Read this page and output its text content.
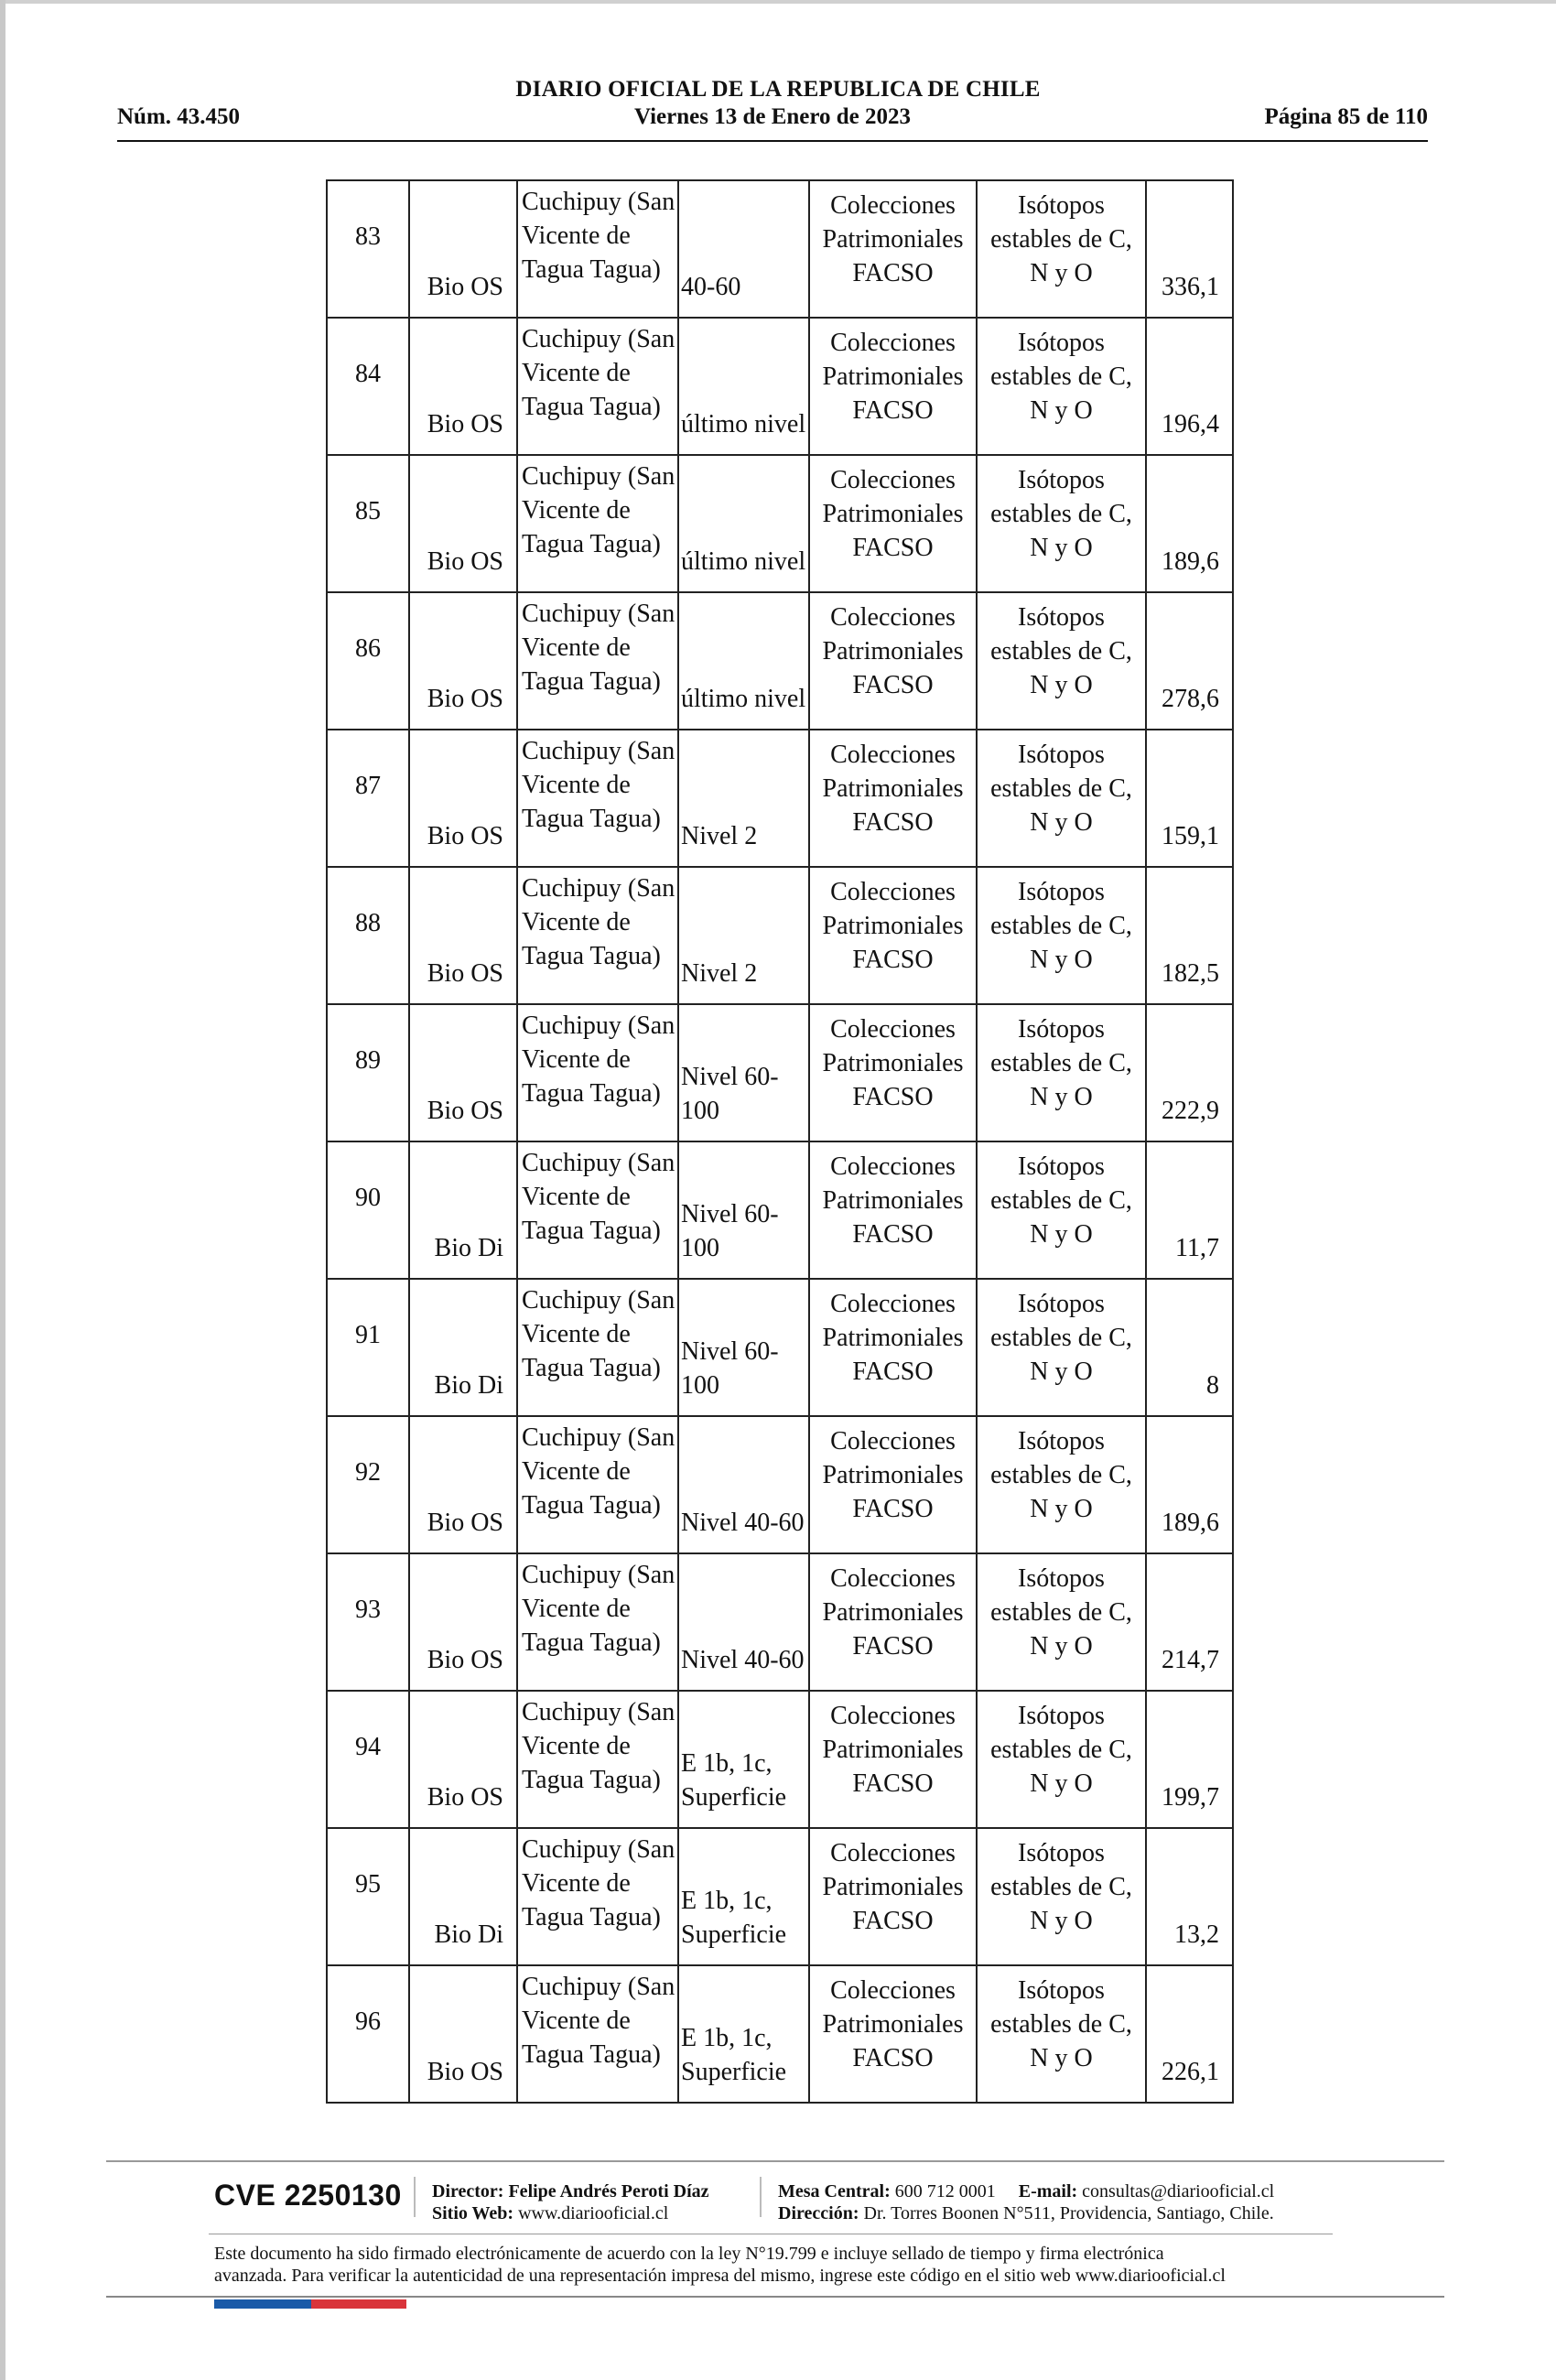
DIARIO OFICIAL DE LA REPUBLICA DE CHILE
Viernes 13 de Enero de 2023
Núm. 43.450	Página 85 de 110
83	Bio OS	Cuchipuy (San
Vicente de
Tagua Tagua)	40-60	Colecciones
Patrimoniales
FACSO	Isótopos
estables de C,
N y O	336,1

84	Bio OS	Cuchipuy (San
Vicente de
Tagua Tagua)	último nivel	Colecciones
Patrimoniales
FACSO	Isótopos
estables de C,
N y O	196,4

85	Bio OS	Cuchipuy (San
Vicente de
Tagua Tagua)	último nivel	Colecciones
Patrimoniales
FACSO	Isótopos
estables de C,
N y O	189,6

86	Bio OS	Cuchipuy (San
Vicente de
Tagua Tagua)	último nivel	Colecciones
Patrimoniales
FACSO	Isótopos
estables de C,
N y O	278,6

87	Bio OS	Cuchipuy (San
Vicente de
Tagua Tagua)	Nivel 2	Colecciones
Patrimoniales
FACSO	Isótopos
estables de C,
N y O	159,1

88	Bio OS	Cuchipuy (San
Vicente de
Tagua Tagua)	Nivel 2	Colecciones
Patrimoniales
FACSO	Isótopos
estables de C,
N y O	182,5

89	Bio OS	Cuchipuy (San
Vicente de
Tagua Tagua)	Nivel 60-
100	Colecciones
Patrimoniales
FACSO	Isótopos
estables de C,
N y O	222,9

90	Bio Di	Cuchipuy (San
Vicente de
Tagua Tagua)	Nivel 60-
100	Colecciones
Patrimoniales
FACSO	Isótopos
estables de C,
N y O	11,7

91	Bio Di	Cuchipuy (San
Vicente de
Tagua Tagua)	Nivel 60-
100	Colecciones
Patrimoniales
FACSO	Isótopos
estables de C,
N y O	8

92	Bio OS	Cuchipuy (San
Vicente de
Tagua Tagua)	Nivel 40-60	Colecciones
Patrimoniales
FACSO	Isótopos
estables de C,
N y O	189,6

93	Bio OS	Cuchipuy (San
Vicente de
Tagua Tagua)	Nivel 40-60	Colecciones
Patrimoniales
FACSO	Isótopos
estables de C,
N y O	214,7

94	Bio OS	Cuchipuy (San
Vicente de
Tagua Tagua)	E 1b, 1c,
Superficie	Colecciones
Patrimoniales
FACSO	Isótopos
estables de C,
N y O	199,7

95	Bio Di	Cuchipuy (San
Vicente de
Tagua Tagua)	E 1b, 1c,
Superficie	Colecciones
Patrimoniales
FACSO	Isótopos
estables de C,
N y O	13,2

96	Bio OS	Cuchipuy (San
Vicente de
Tagua Tagua)	E 1b, 1c,
Superficie	Colecciones
Patrimoniales
FACSO	Isótopos
estables de C,
N y O	226,1
CVE 2250130 Director: Felipe Andrés Peroti Díaz
Sitio Web: www.diariooficial.cl
Mesa Central: 600 712 0001 E-mail: consultas@diariooficial.cl
Dirección: Dr. Torres Boonen N°511, Providencia, Santiago, Chile.
Este documento ha sido firmado electrónicamente de acuerdo con la ley N°19.799 e incluye sellado de tiempo y firma electrónica
avanzada. Para verificar la autenticidad de una representación impresa del mismo, ingrese este código en el sitio web www.diariooficial.cl
